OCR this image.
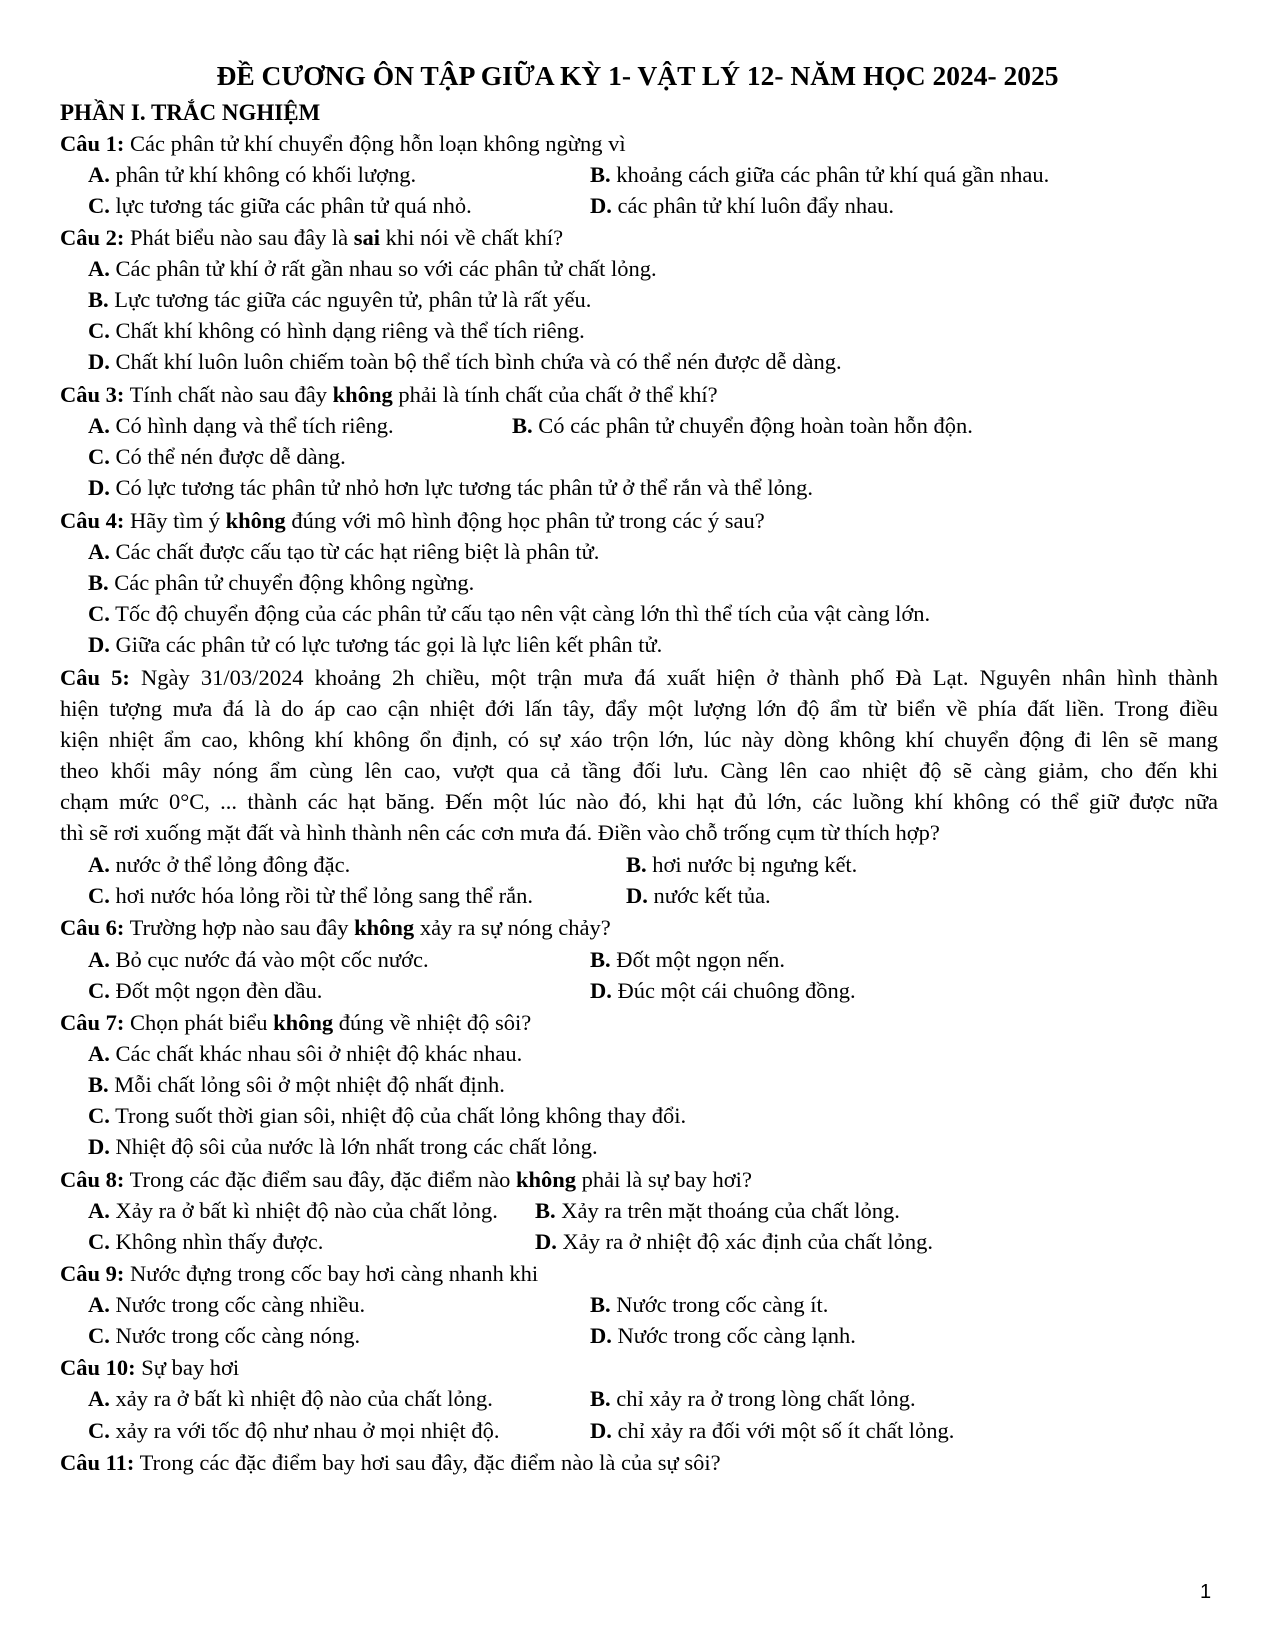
ĐỀ CƯƠNG ÔN TẬP GIỮA KỲ 1- VẬT LÝ 12- NĂM HỌC 2024- 2025
PHẦN I. TRẮC NGHIỆM
Câu 1: Các phân tử khí chuyển động hỗn loạn không ngừng vì
A. phân tử khí không có khối lượng.	B. khoảng cách giữa các phân tử khí quá gần nhau.
C. lực tương tác giữa các phân tử quá nhỏ.	D. các phân tử khí luôn đẩy nhau.
Câu 2: Phát biểu nào sau đây là sai khi nói về chất khí?
A. Các phân tử khí ở rất gần nhau so với các phân tử chất lỏng.
B. Lực tương tác giữa các nguyên tử, phân tử là rất yếu.
C. Chất khí không có hình dạng riêng và thể tích riêng.
D. Chất khí luôn luôn chiếm toàn bộ thể tích bình chứa và có thể nén được dễ dàng.
Câu 3: Tính chất nào sau đây không phải là tính chất của chất ở thể khí?
A. Có hình dạng và thể tích riêng.	B. Có các phân tử chuyển động hoàn toàn hỗn độn.
C. Có thể nén được dễ dàng.
D. Có lực tương tác phân tử nhỏ hơn lực tương tác phân tử ở thể rắn và thể lỏng.
Câu 4: Hãy tìm ý không đúng với mô hình động học phân tử trong các ý sau?
A. Các chất được cấu tạo từ các hạt riêng biệt là phân tử.
B. Các phân tử chuyển động không ngừng.
C. Tốc độ chuyển động của các phân tử cấu tạo nên vật càng lớn thì thể tích của vật càng lớn.
D. Giữa các phân tử có lực tương tác gọi là lực liên kết phân tử.
Câu 5: Ngày 31/03/2024 khoảng 2h chiều, một trận mưa đá xuất hiện ở thành phố Đà Lạt. Nguyên nhân hình thành
hiện tượng mưa đá là do áp cao cận nhiệt đới lấn tây, đẩy một lượng lớn độ ẩm từ biển về phía đất liền. Trong điều
kiện nhiệt ẩm cao, không khí không ổn định, có sự xáo trộn lớn, lúc này dòng không khí chuyển động đi lên sẽ mang
theo khối mây nóng ẩm cùng lên cao, vượt qua cả tầng đối lưu. Càng lên cao nhiệt độ sẽ càng giảm, cho đến khi
chạm mức 0°C, ... thành các hạt băng. Đến một lúc nào đó, khi hạt đủ lớn, các luồng khí không có thể giữ được nữa
thì sẽ rơi xuống mặt đất và hình thành nên các cơn mưa đá. Điền vào chỗ trống cụm từ thích hợp?
A. nước ở thể lỏng đông đặc.	B. hơi nước bị ngưng kết.
C. hơi nước hóa lỏng rồi từ thể lỏng sang thể rắn.	D. nước kết tủa.
Câu 6: Trường hợp nào sau đây không xảy ra sự nóng chảy?
A. Bỏ cục nước đá vào một cốc nước.	B. Đốt một ngọn nến.
C. Đốt một ngọn đèn dầu.	D. Đúc một cái chuông đồng.
Câu 7: Chọn phát biểu không đúng về nhiệt độ sôi?
A. Các chất khác nhau sôi ở nhiệt độ khác nhau.
B. Mỗi chất lỏng sôi ở một nhiệt độ nhất định.
C. Trong suốt thời gian sôi, nhiệt độ của chất lỏng không thay đổi.
D. Nhiệt độ sôi của nước là lớn nhất trong các chất lỏng.
Câu 8: Trong các đặc điểm sau đây, đặc điểm nào không phải là sự bay hơi?
A. Xảy ra ở bất kì nhiệt độ nào của chất lỏng. B. Xảy ra trên mặt thoáng của chất lỏng.
C. Không nhìn thấy được.	D. Xảy ra ở nhiệt độ xác định của chất lỏng.
Câu 9: Nước đựng trong cốc bay hơi càng nhanh khi
A. Nước trong cốc càng nhiều.	B. Nước trong cốc càng ít.
C. Nước trong cốc càng nóng.	D. Nước trong cốc càng lạnh.
Câu 10: Sự bay hơi
A. xảy ra ở bất kì nhiệt độ nào của chất lỏng.	B. chỉ xảy ra ở trong lòng chất lỏng.
C. xảy ra với tốc độ như nhau ở mọi nhiệt độ.	D. chỉ xảy ra đối với một số ít chất lỏng.
Câu 11: Trong các đặc điểm bay hơi sau đây, đặc điểm nào là của sự sôi?
1
